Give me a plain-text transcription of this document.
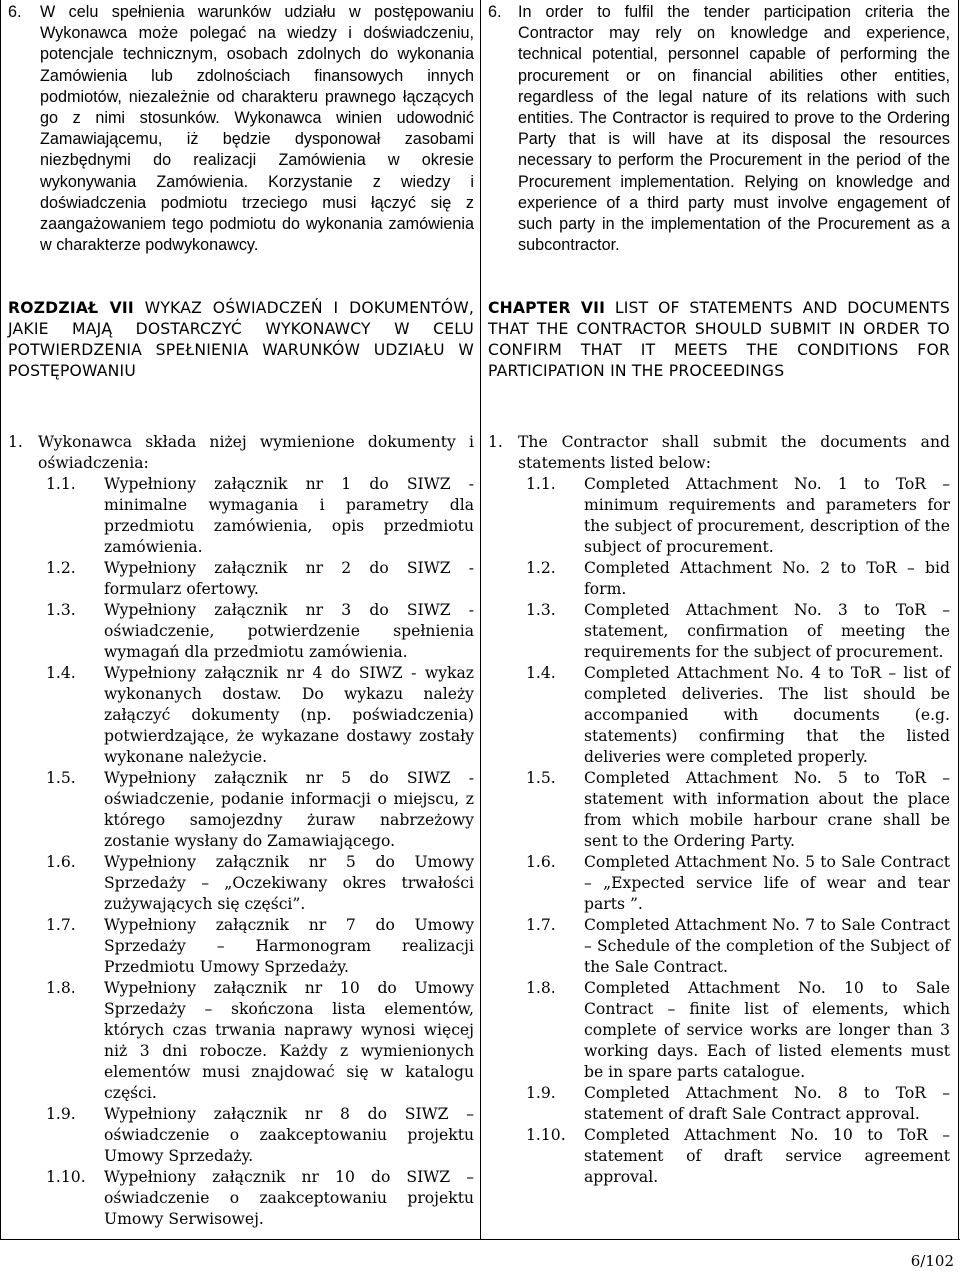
6. W celu spełnienia warunków udziału w postępowaniu Wykonawca może polegać na wiedzy i doświadczeniu, potencjale technicznym, osobach zdolnych do wykonania Zamówienia lub zdolnościach finansowych innych podmiotów, niezależnie od charakteru prawnego łączących go z nimi stosunków. Wykonawca winien udowodnić Zamawiającemu, iż będzie dysponował zasobami niezbędnymi do realizacji Zamówienia w okresie wykonywania Zamówienia. Korzystanie z wiedzy i doświadczenia podmiotu trzeciego musi łączyć się z zaangażowaniem tego podmiotu do wykonania zamówienia w charakterze podwykonawcy.
ROZDZIAŁ VII WYKAZ OŚWIADCZEŃ I DOKUMENTÓW, JAKIE MAJĄ DOSTARCZYĆ WYKONAWCY W CELU POTWIERDZENIA SPEŁNIENIA WARUNKÓW UDZIAŁU W POSTĘPOWANIU
1. Wykonawca składa niżej wymienione dokumenty i oświadczenia:
1.1. Wypełniony załącznik nr 1 do SIWZ - minimalne wymagania i parametry dla przedmiotu zamówienia, opis przedmiotu zamówienia.
1.2. Wypełniony załącznik nr 2 do SIWZ - formularz ofertowy.
1.3. Wypełniony załącznik nr 3 do SIWZ - oświadczenie, potwierdzenie spełnienia wymagań dla przedmiotu zamówienia.
1.4. Wypełniony załącznik nr 4 do SIWZ - wykaz wykonanych dostaw. Do wykazu należy załączyć dokumenty (np. poświadczenia) potwierdzające, że wykazane dostawy zostały wykonane należycie.
1.5. Wypełniony załącznik nr 5 do SIWZ - oświadczenie, podanie informacji o miejscu, z którego samojezdny żuraw nabrzeżowy zostanie wysłany do Zamawiającego.
1.6. Wypełniony załącznik nr 5 do Umowy Sprzedaży – „Oczekiwany okres trwałości zużywających się części”.
1.7. Wypełniony załącznik nr 7 do Umowy Sprzedaży – Harmonogram realizacji Przedmiotu Umowy Sprzedaży.
1.8. Wypełniony załącznik nr 10 do Umowy Sprzedaży – skończona lista elementów, których czas trwania naprawy wynosi więcej niż 3 dni robocze. Każdy z wymienionych elementów musi znajdować się w katalogu części.
1.9. Wypełniony załącznik nr 8 do SIWZ – oświadczenie o zaakceptowaniu projektu Umowy Sprzedaży.
1.10. Wypełniony załącznik nr 10 do SIWZ – oświadczenie o zaakceptowaniu projektu Umowy Serwisowej.
6. In order to fulfil the tender participation criteria the Contractor may rely on knowledge and experience, technical potential, personnel capable of performing the procurement or on financial abilities other entities, regardless of the legal nature of its relations with such entities. The Contractor is required to prove to the Ordering Party that is will have at its disposal the resources necessary to perform the Procurement in the period of the Procurement implementation. Relying on knowledge and experience of a third party must involve engagement of such party in the implementation of the Procurement as a subcontractor.
CHAPTER VII LIST OF STATEMENTS AND DOCUMENTS THAT THE CONTRACTOR SHOULD SUBMIT IN ORDER TO CONFIRM THAT IT MEETS THE CONDITIONS FOR PARTICIPATION IN THE PROCEEDINGS
1. The Contractor shall submit the documents and statements listed below:
1.1. Completed Attachment No. 1 to ToR – minimum requirements and parameters for the subject of procurement, description of the subject of procurement.
1.2. Completed Attachment No. 2 to ToR – bid form.
1.3. Completed Attachment No. 3 to ToR – statement, confirmation of meeting the requirements for the subject of procurement.
1.4. Completed Attachment No. 4 to ToR – list of completed deliveries. The list should be accompanied with documents (e.g. statements) confirming that the listed deliveries were completed properly.
1.5. Completed Attachment No. 5 to ToR – statement with information about the place from which mobile harbour crane shall be sent to the Ordering Party.
1.6. Completed Attachment No. 5 to Sale Contract – „Expected service life of wear and tear parts ”.
1.7. Completed Attachment No. 7 to Sale Contract – Schedule of the completion of the Subject of the Sale Contract.
1.8. Completed Attachment No. 10 to Sale Contract – finite list of elements, which complete of service works are longer than 3 working days. Each of listed elements must be in spare parts catalogue.
1.9. Completed Attachment No. 8 to ToR – statement of draft Sale Contract approval.
1.10. Completed Attachment No. 10 to ToR – statement of draft service agreement approval.
6/102
